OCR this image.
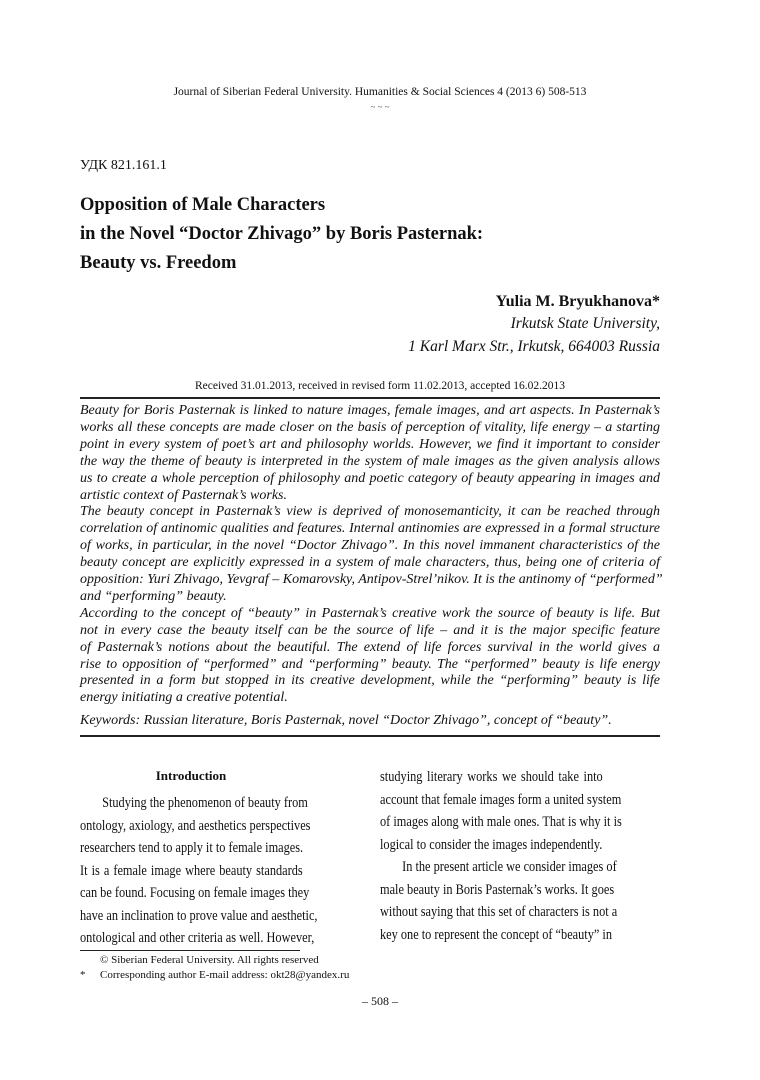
Journal of Siberian Federal University. Humanities & Social Sciences 4 (2013 6) 508-513
~ ~ ~
УДК 821.161.1
Opposition of Male Characters
in the Novel “Doctor Zhivago” by Boris Pasternak:
Beauty vs. Freedom
Yulia M. Bryukhanova*
Irkutsk State University,
1 Karl Marx Str., Irkutsk, 664003 Russia
Received 31.01.2013, received in revised form 11.02.2013, accepted 16.02.2013
Beauty for Boris Pasternak is linked to nature images, female images, and art aspects. In Pasternak’s
works all these concepts are made closer on the basis of perception of vitality, life energy – a starting
point in every system of poet’s art and philosophy worlds. However, we find it important to consider
the way the theme of beauty is interpreted in the system of male images as the given analysis allows
us to create a whole perception of philosophy and poetic category of beauty appearing in images and
artistic context of Pasternak’s works.
The beauty concept in Pasternak’s view is deprived of monosemanticity, it can be reached through
correlation of antinomic qualities and features. Internal antinomies are expressed in a formal structure
of works, in particular, in the novel “Doctor Zhivago”. In this novel immanent characteristics of the
beauty concept are explicitly expressed in a system of male characters, thus, being one of criteria of
opposition: Yuri Zhivago, Yevgraf – Komarovsky, Antipov-Strel’nikov. It is the antinomy of “performed”
and “performing” beauty.
According to the concept of “beauty” in Pasternak’s creative work the source of beauty is life. But
not in every case the beauty itself can be the source of life – and it is the major specific feature
of Pasternak’s notions about the beautiful. The extend of life forces survival in the world gives a
rise to opposition of “performed” and “performing” beauty. The “performed” beauty is life energy
presented in a form but stopped in its creative development, while the “performing” beauty is life
energy initiating a creative potential.
Keywords: Russian literature, Boris Pasternak, novel “Doctor Zhivago”, concept of “beauty”.
Introduction
Studying the phenomenon of beauty from
ontology, axiology, and aesthetics perspectives
researchers tend to apply it to female images.
It is a female image where beauty standards
can be found. Focusing on female images they
have an inclination to prove value and aesthetic,
ontological and other criteria as well. However,
studying literary works we should take into
account that female images form a united system
of images along with male ones. That is why it is
logical to consider the images independently.
In the present article we consider images of
male beauty in Boris Pasternak’s works. It goes
without saying that this set of characters is not a
key one to represent the concept of “beauty” in
© Siberian Federal University. All rights reserved
* Corresponding author E-mail address: okt28@yandex.ru
– 508 –
